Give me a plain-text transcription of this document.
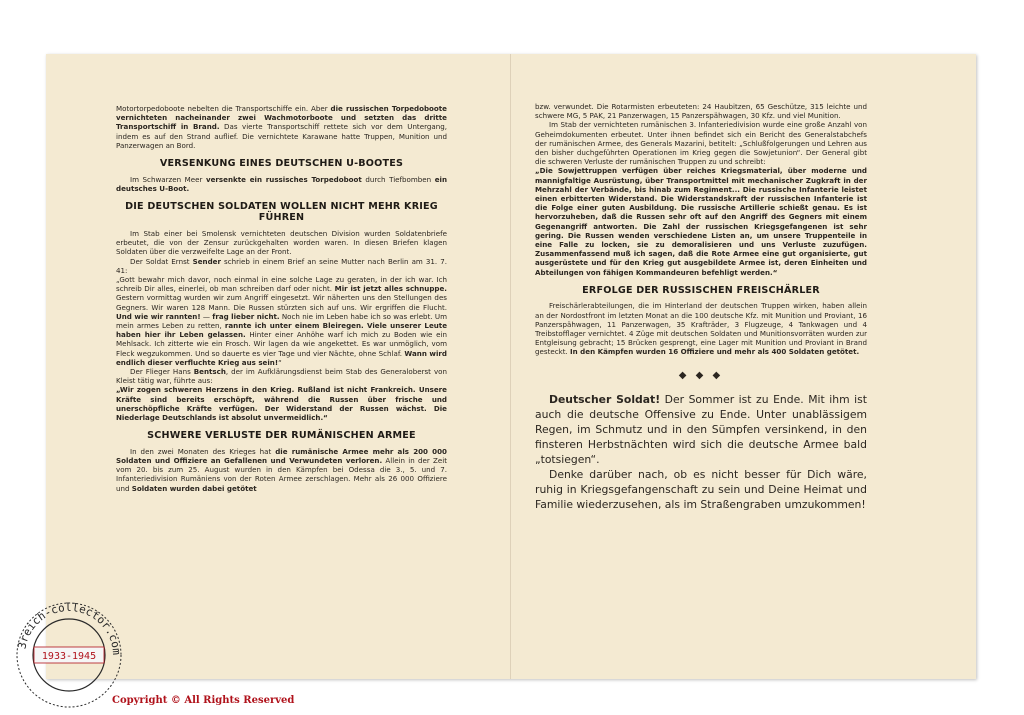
Motortorpedoboote nebelten die Transportschiffe ein. Aber die russischen Torpedoboote vernichteten nacheinander zwei Wachmotorboote und setzten das dritte Transportschiff in Brand. Das vierte Transportschiff rettete sich vor dem Untergang, indem es auf den Strand auflief. Die vernichtete Karawane hatte Truppen, Munition und Panzerwagen an Bord.

VERSENKUNG EINES DEUTSCHEN U-BOOTES

Im Schwarzen Meer versenkte ein russisches Torpedoboot durch Tiefbomben ein deutsches U-Boot.

DIE DEUTSCHEN SOLDATEN WOLLEN NICHT MEHR KRIEG FÜHREN

Im Stab einer bei Smolensk vernichteten deutschen Division wurden Soldatenbriefe erbeutet, die von der Zensur zurückgehalten worden waren. In diesen Briefen klagen Soldaten über die verzweifelte Lage an der Front.

Der Soldat Ernst Sender schrieb in einem Brief an seine Mutter nach Berlin am 31. 7. 41:

„Gott bewahr mich davor, noch einmal in eine solche Lage zu geraten, in der ich war. Ich schreib Dir alles, einerlei, ob man schreiben darf oder nicht. Mir ist jetzt alles schnuppe. Gestern vormittag wurden wir zum Angriff eingesetzt. Wir näherten uns den Stellungen des Gegners. Wir waren 128 Mann. Die Russen stürzten sich auf uns. Wir ergriffen die Flucht. Und wie wir rannten! — frag lieber nicht. Noch nie im Leben habe ich so was erlebt. Um mein armes Leben zu retten, rannte ich unter einem Bleiregen. Viele unserer Leute haben hier ihr Leben gelassen. Hinter einer Anhöhe warf ich mich zu Boden wie ein Mehlsack. Ich zitterte wie ein Frosch. Wir lagen da wie angekettet. Es war unmöglich, vom Fleck wegzukommen. Und so dauerte es vier Tage und vier Nächte, ohne Schlaf. Wann wird endlich dieser verfluchte Krieg aus sein!“

Der Flieger Hans Bentsch, der im Aufklärungsdienst beim Stab des Generaloberst von Kleist tätig war, führte aus:

„Wir zogen schweren Herzens in den Krieg. Rußland ist nicht Frankreich. Unsere Kräfte sind bereits erschöpft, während die Russen über frische und unerschöpfliche Kräfte verfügen. Der Widerstand der Russen wächst. Die Niederlage Deutschlands ist absolut unvermeidlich.“

SCHWERE VERLUSTE DER RUMÄNISCHEN ARMEE

In den zwei Monaten des Krieges hat die rumänische Armee mehr als 200 000 Soldaten und Offiziere an Gefallenen und Verwundeten verloren. Allein in der Zeit vom 20. bis zum 25. August wurden in den Kämpfen bei Odessa die 3., 5. und 7. Infanteriedivision Rumäniens von der Roten Armee zerschlagen. Mehr als 26 000 Offiziere und Soldaten wurden dabei getötet

bzw. verwundet. Die Rotarmisten erbeuteten: 24 Haubitzen, 65 Geschütze, 315 leichte und schwere MG, 5 PAK, 21 Panzerwagen, 15 Panzerspähwagen, 30 Kfz. und viel Munition.

Im Stab der vernichteten rumänischen 3. Infanteriedivision wurde eine große Anzahl von Geheimdokumenten erbeutet. Unter ihnen befindet sich ein Bericht des Generalstabchefs der rumänischen Armee, des Generals Mazarini, betitelt: „Schlußfolgerungen und Lehren aus den bisher duchgeführten Operationen im Krieg gegen die Sowjetunion“. Der General gibt die schweren Verluste der rumänischen Truppen zu und schreibt:

„Die Sowjettruppen verfügen über reiches Kriegsmaterial, über moderne und mannigfaltige Ausrüstung, über Transportmittel mit mechanischer Zugkraft in der Mehrzahl der Verbände, bis hinab zum Regiment... Die russische Infanterie leistet einen erbitterten Widerstand. Die Widerstandskraft der russischen Infanterie ist die Folge einer guten Ausbildung. Die russische Artillerie schießt genau. Es ist hervorzuheben, daß die Russen sehr oft auf den Angriff des Gegners mit einem Gegenangriff antworten. Die Zahl der russischen Kriegsgefangenen ist sehr gering. Die Russen wenden verschiedene Listen an, um unsere Truppenteile in eine Falle zu locken, sie zu demoralisieren und uns Verluste zuzufügen. Zusammenfassend muß ich sagen, daß die Rote Armee eine gut organisierte, gut ausgerüstete und für den Krieg gut ausgebildete Armee ist, deren Einheiten und Abteilungen von fähigen Kommandeuren befehligt werden.“

ERFOLGE DER RUSSISCHEN FREISCHÄRLER

Freischärlerabteilungen, die im Hinterland der deutschen Truppen wirken, haben allein an der Nordostfront im letzten Monat an die 100 deutsche Kfz. mit Munition und Proviant, 16 Panzerspähwagen, 11 Panzerwagen, 35 Krafträder, 3 Flugzeuge, 4 Tankwagen und 4 Treibstofflager vernichtet. 4 Züge mit deutschen Soldaten und Munitionsvorräten wurden zur Entgleisung gebracht; 15 Brücken gesprengt, eine Lager mit Munition und Proviant in Brand gesteckt. In den Kämpfen wurden 16 Offiziere und mehr als 400 Soldaten getötet.

◆ ◆ ◆

Deutscher Soldat! Der Sommer ist zu Ende. Mit ihm ist auch die deutsche Offensive zu Ende. Unter unablässigem Regen, im Schmutz und in den Sümpfen versinkend, in den finsteren Herbstnächten wird sich die deutsche Armee bald „totsiegen“.

Denke darüber nach, ob es nicht besser für Dich wäre, ruhig in Kriegsgefangenschaft zu sein und Deine Heimat und Familie wiederzusehen, als im Straßengraben umzukommen!

3reich-collector.com
1933-1945
Copyright © All Rights Reserved
